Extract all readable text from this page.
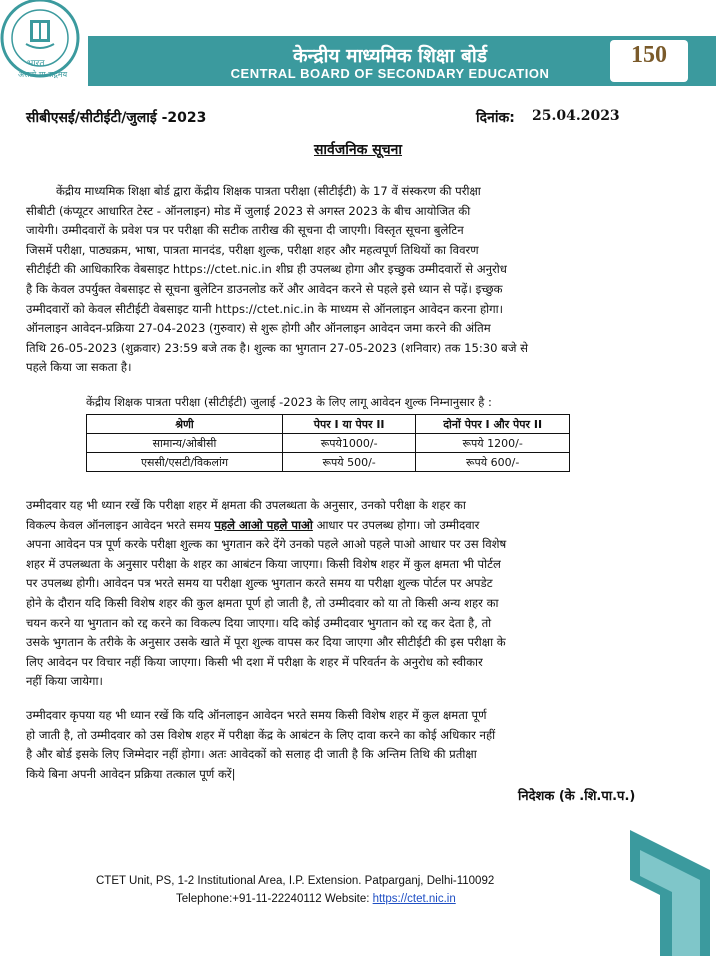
भारत
असतो मा सद्गमय
केन्द्रीय माध्यमिक शिक्षा बोर्ड
CENTRAL BOARD OF SECONDARY EDUCATION
150
सीबीएसई/सीटीईटी/जुलाई -2023	दिनांक: 25.04.2023
सार्वजनिक सूचना
केंद्रीय माध्यमिक शिक्षा बोर्ड द्वारा केंद्रीय शिक्षक पात्रता परीक्षा (सीटीईटी) के 17 वें संस्करण की परीक्षा
सीबीटी (कंप्यूटर आधारित टेस्ट - ऑनलाइन) मोड में जुलाई 2023 से अगस्त 2023 के बीच आयोजित की
जायेगी। उम्मीदवारों के प्रवेश पत्र पर परीक्षा की सटीक तारीख की सूचना दी जाएगी। विस्तृत सूचना बुलेटिन
जिसमें परीक्षा, पाठ्यक्रम, भाषा, पात्रता मानदंड, परीक्षा शुल्क, परीक्षा शहर और महत्वपूर्ण तिथियों का विवरण
सीटीईटी की आधिकारिक वेबसाइट https://ctet.nic.in शीघ्र ही उपलब्ध होगा और इच्छुक उम्मीदवारों से अनुरोध
है कि केवल उपर्युक्त वेबसाइट से सूचना बुलेटिन डाउनलोड करें और आवेदन करने से पहले इसे ध्यान से पढ़ें। इच्छुक
उम्मीदवारों को केवल सीटीईटी वेबसाइट यानी https://ctet.nic.in के माध्यम से ऑनलाइन आवेदन करना होगा।
ऑनलाइन आवेदन-प्रक्रिया 27-04-2023 (गुरुवार) से शुरू होगी और ऑनलाइन आवेदन जमा करने की अंतिम
तिथि 26-05-2023 (शुक्रवार) 23:59 बजे तक है। शुल्क का भुगतान 27-05-2023 (शनिवार) तक 15:30 बजे से
पहले किया जा सकता है।
केंद्रीय शिक्षक पात्रता परीक्षा (सीटीईटी) जुलाई -2023 के लिए लागू आवेदन शुल्क निम्नानुसार है :
श्रेणी	पेपर I या पेपर II	दोनों पेपर I और पेपर II
सामान्य/ओबीसी	रूपये1000/-	रूपये 1200/-
एससी/एसटी/विकलांग	रूपये 500/-	रूपये 600/-
उम्मीदवार यह भी ध्यान रखें कि परीक्षा शहर में क्षमता की उपलब्धता के अनुसार, उनको परीक्षा के शहर का
विकल्प केवल ऑनलाइन आवेदन भरते समय पहले आओ पहले पाओ आधार पर उपलब्ध होगा। जो उम्मीदवार
अपना आवेदन पत्र पूर्ण करके परीक्षा शुल्क का भुगतान करे देंगे उनको पहले आओ पहले पाओ आधार पर उस विशेष
शहर में उपलब्धता के अनुसार परीक्षा के शहर का आबंटन किया जाएगा। किसी विशेष शहर में कुल क्षमता भी पोर्टल
पर उपलब्ध होगी। आवेदन पत्र भरते समय या परीक्षा शुल्क भुगतान करते समय या परीक्षा शुल्क पोर्टल पर अपडेट
होने के दौरान यदि किसी विशेष शहर की कुल क्षमता पूर्ण हो जाती है, तो उम्मीदवार को या तो किसी अन्य शहर का
चयन करने या भुगतान को रद्द करने का विकल्प दिया जाएगा। यदि कोई उम्मीदवार भुगतान को रद्द कर देता है, तो
उसके भुगतान के तरीके के अनुसार उसके खाते में पूरा शुल्क वापस कर दिया जाएगा और सीटीईटी की इस परीक्षा के
लिए आवेदन पर विचार नहीं किया जाएगा। किसी भी दशा में परीक्षा के शहर में परिवर्तन के अनुरोध को स्वीकार
नहीं किया जायेगा।
उम्मीदवार कृपया यह भी ध्यान रखें कि यदि ऑनलाइन आवेदन भरते समय किसी विशेष शहर में कुल क्षमता पूर्ण
हो जाती है, तो उम्मीदवार को उस विशेष शहर में परीक्षा केंद्र के आबंटन के लिए दावा करने का कोई अधिकार नहीं
है और बोर्ड इसके लिए जिम्मेदार नहीं होगा। अतः आवेदकों को सलाह दी जाती है कि अन्तिम तिथि की प्रतीक्षा
किये बिना अपनी आवेदन प्रक्रिया तत्काल पूर्ण करें|
निदेशक (के .शि.पा.प.)
CTET Unit, PS, 1-2 Institutional Area, I.P. Extension. Patparganj, Delhi-110092
Telephone:+91-11-22240112 Website: https://ctet.nic.in
